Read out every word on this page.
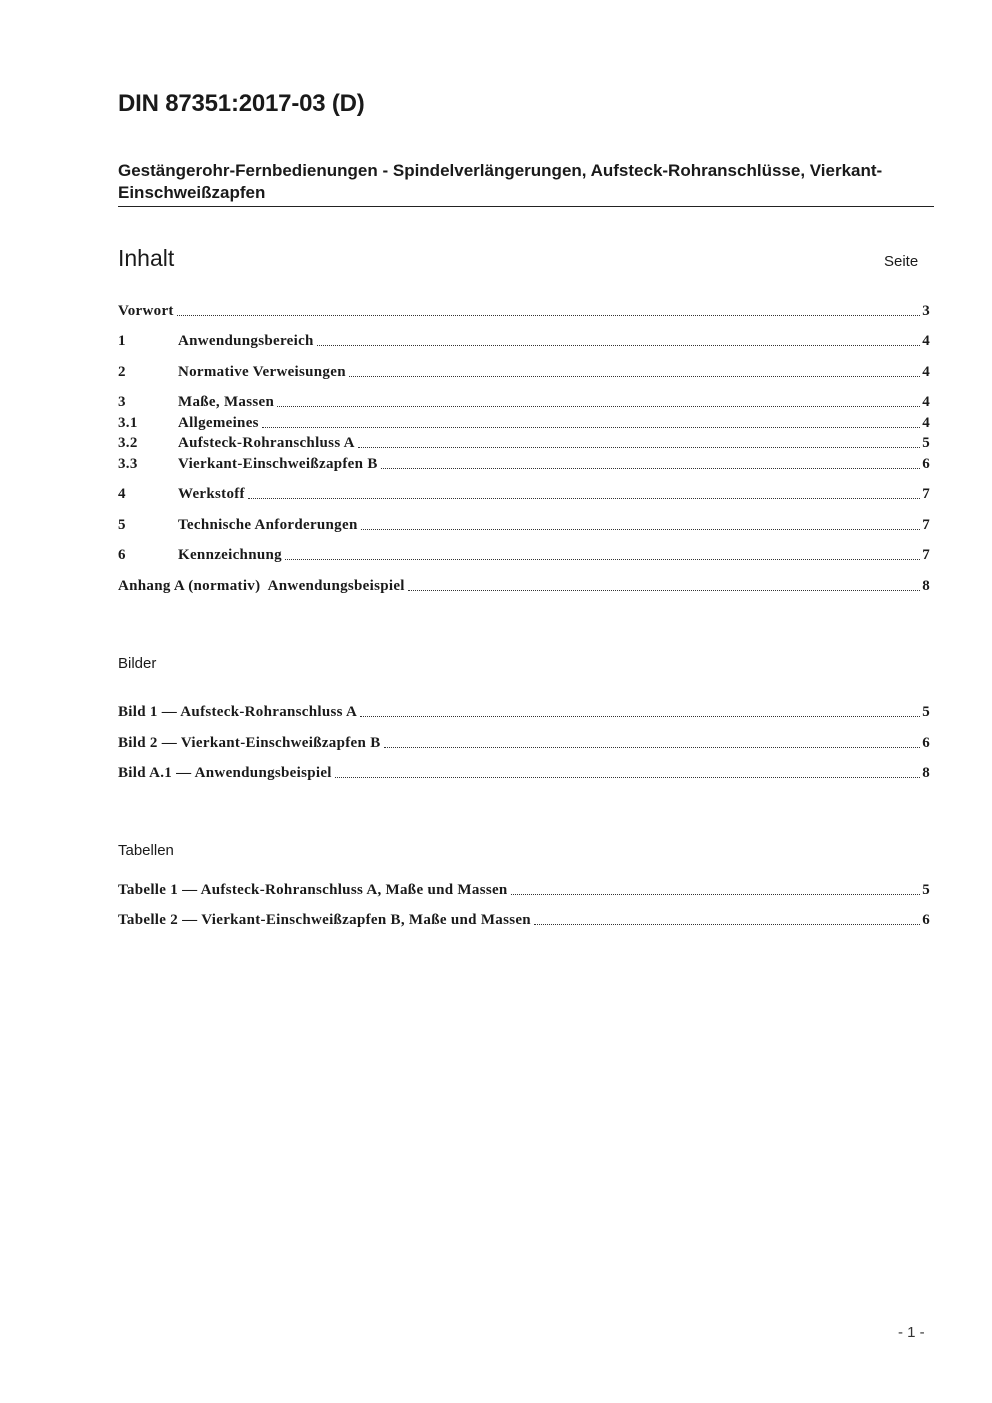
DIN 87351:2017-03 (D)
Gestängerohr-Fernbedienungen - Spindelverlängerungen, Aufsteck-Rohranschlüsse, Vierkant-Einschweißzapfen
Inhalt	Seite
Vorwort	3
1	Anwendungsbereich	4
2	Normative Verweisungen	4
3	Maße, Massen	4
3.1	Allgemeines	4
3.2	Aufsteck-Rohranschluss A	5
3.3	Vierkant-Einschweißzapfen B	6
4	Werkstoff	7
5	Technische Anforderungen	7
6	Kennzeichnung	7
Anhang A (normativ)  Anwendungsbeispiel	8
Bilder
Bild 1 — Aufsteck-Rohranschluss A	5
Bild 2 — Vierkant-Einschweißzapfen B	6
Bild A.1 — Anwendungsbeispiel	8
Tabellen
Tabelle 1 — Aufsteck-Rohranschluss A, Maße und Massen	5
Tabelle 2 — Vierkant-Einschweißzapfen B, Maße und Massen	6
- 1 -
